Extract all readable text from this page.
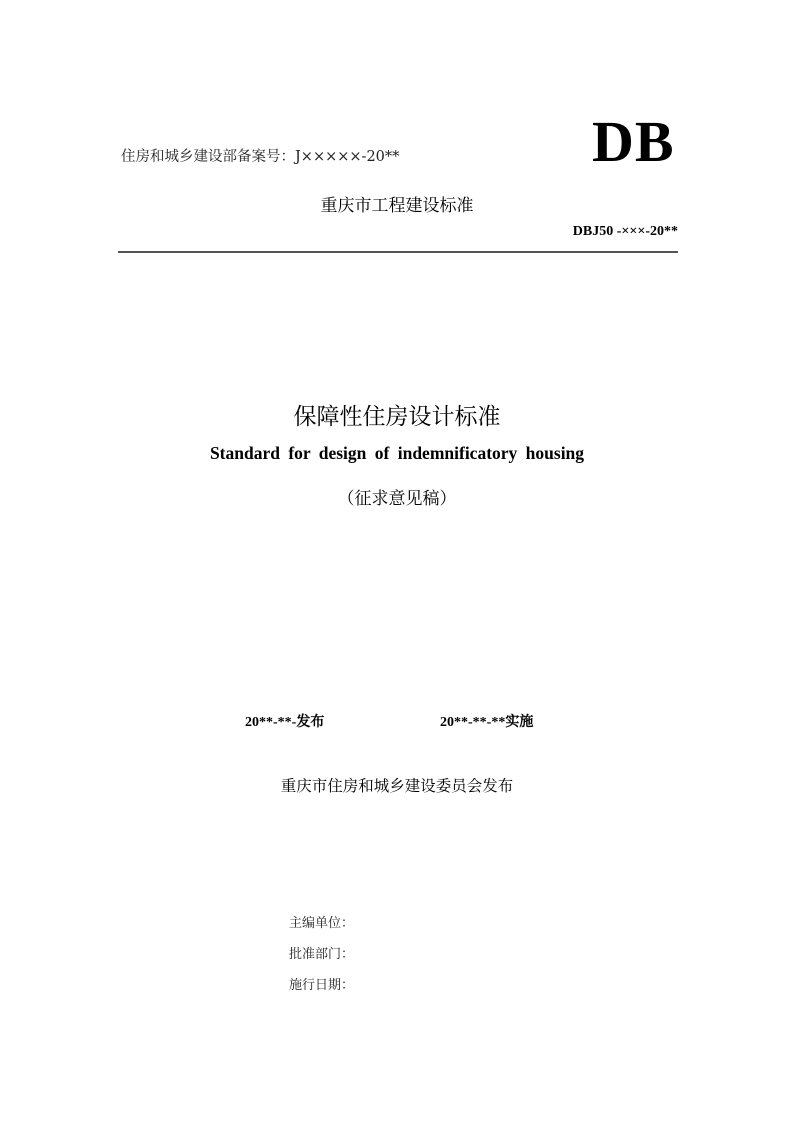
住房和城乡建设部备案号：J×××××-20**	DB
重庆市工程建设标准
DBJ50 -×××-20**
保障性住房设计标准
Standard for design of indemnificatory housing
（征求意见稿）
20**-**-发布	20**-**-**实施
重庆市住房和城乡建设委员会发布
主编单位：
批准部门：
施行日期：
